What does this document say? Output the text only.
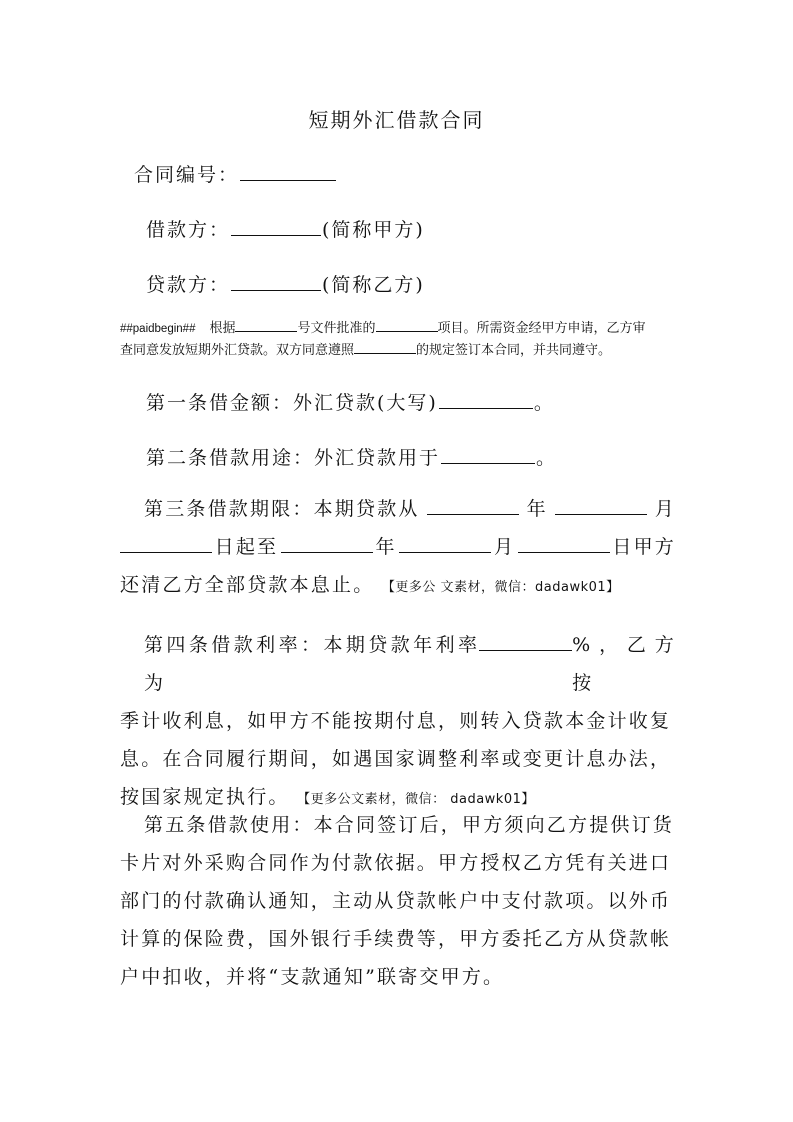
短期外汇借款合同
合同编号：
借款方：	(简称甲方)
贷款方：	(简称乙方)
##paidbegin## 根据	号文件批准的	项目。所需资金经甲方申请，乙方审
查同意发放短期外汇贷款。双方同意遵照	的规定签订本合同，并共同遵守。
第一条借金额：外汇贷款(大写)	。
第二条借款用途：外汇贷款用于	。
第三条借款期限：本期贷款从	年	月
日起至	年	月	日甲方
还清乙方全部贷款本息止。 【更多公 文素材，微信：dadawk01】
第四条借款利率：本期贷款年利率为
%，乙方按
季计收利息，如甲方不能按期付息，则转入贷款本金计收复
息。在合同履行期间，如遇国家调整利率或变更计息办法，
按国家规定执行。 【更多公文素材，微信： dadawk01】
第五条借款使用：本合同签订后，甲方须向乙方提供订货
卡片对外采购合同作为付款依据。甲方授权乙方凭有关进口
部门的付款确认通知，主动从贷款帐户中支付款项。以外币
计算的保险费，国外银行手续费等，甲方委托乙方从贷款帐
户中扣收，并将“支款通知”联寄交甲方。
